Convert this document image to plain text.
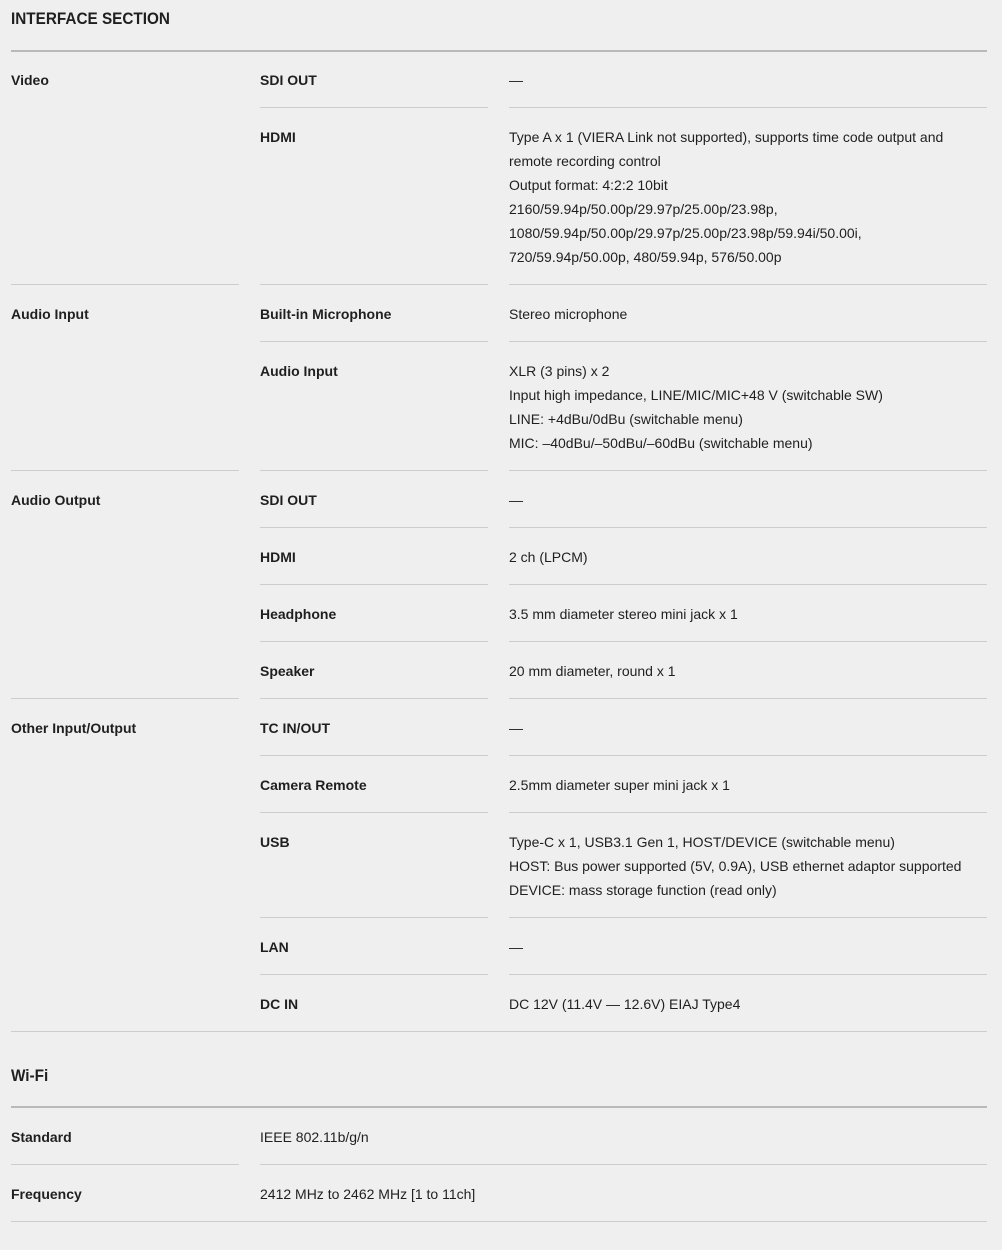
INTERFACE SECTION
Video	SDI OUT	—
HDMI	Type A x 1 (VIERA Link not supported), supports time code output and
remote recording control
Output format: 4:2:2 10bit
2160/59.94p/50.00p/29.97p/25.00p/23.98p,
1080/59.94p/50.00p/29.97p/25.00p/23.98p/59.94i/50.00i,
720/59.94p/50.00p, 480/59.94p, 576/50.00p
Audio Input	Built-in Microphone	Stereo microphone
Audio Input	XLR (3 pins) x 2
Input high impedance, LINE/MIC/MIC+48 V (switchable SW)
LINE: +4dBu/0dBu (switchable menu)
MIC: –40dBu/–50dBu/–60dBu (switchable menu)
Audio Output	SDI OUT	—
HDMI	2 ch (LPCM)
Headphone	3.5 mm diameter stereo mini jack x 1
Speaker	20 mm diameter, round x 1
Other Input/Output	TC IN/OUT	—
Camera Remote	2.5mm diameter super mini jack x 1
USB	Type-C x 1, USB3.1 Gen 1, HOST/DEVICE (switchable menu)
HOST: Bus power supported (5V, 0.9A), USB ethernet adaptor supported
DEVICE: mass storage function (read only)
LAN	—
DC IN	DC 12V (11.4V — 12.6V) EIAJ Type4
Wi-Fi
Standard	IEEE 802.11b/g/n
Frequency	2412 MHz to 2462 MHz [1 to 11ch]
